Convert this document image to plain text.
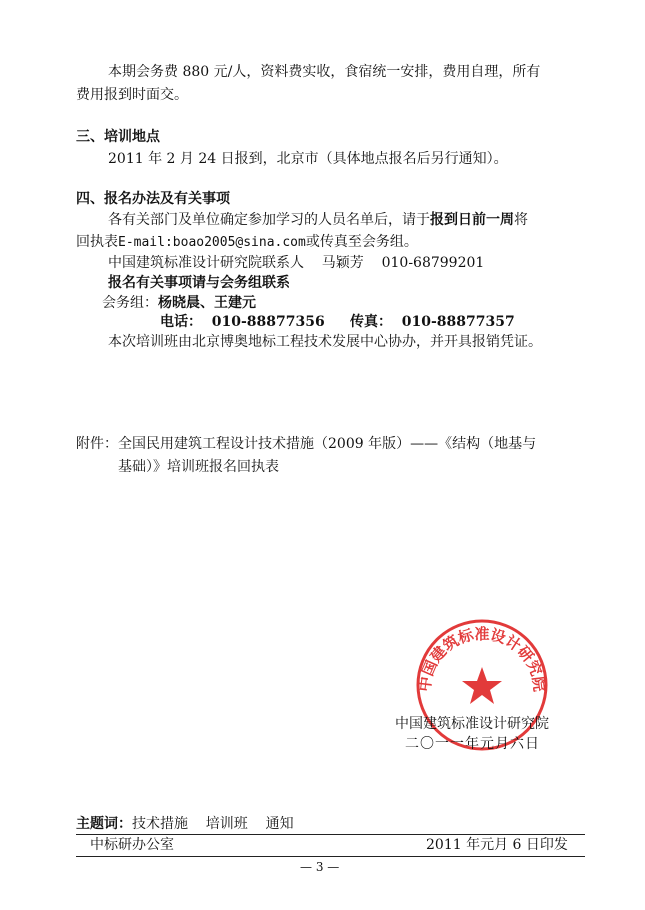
本期会务费 880 元/人，资料费实收，食宿统一安排，费用自理，所有
费用报到时面交。
三、培训地点
2011 年 2 月 24 日报到，北京市（具体地点报名后另行通知）。
四、报名办法及有关事项
各有关部门及单位确定参加学习的人员名单后，请于报到日前一周将
回执表E-mail:boao2005@sina.com或传真至会务组。
中国建筑标准设计研究院联系人    马颖芳    010-68799201
报名有关事项请与会务组联系
会务组：杨晓晨、王建元
电话：  010-88877356 传真：  010-88877357
本次培训班由北京博奥地标工程技术发展中心协办，并开具报销凭证。
附件： 全国民用建筑工程设计技术措施（2009 年版）——《结构（地基与
基础）》培训班报名回执表
中国建筑标准设计研究院
中国建筑标准设计研究院
二〇一一年元月六日
主题词：技术措施    培训班    通知
中标研办公室	2011 年元月 6 日印发
— 3 —
